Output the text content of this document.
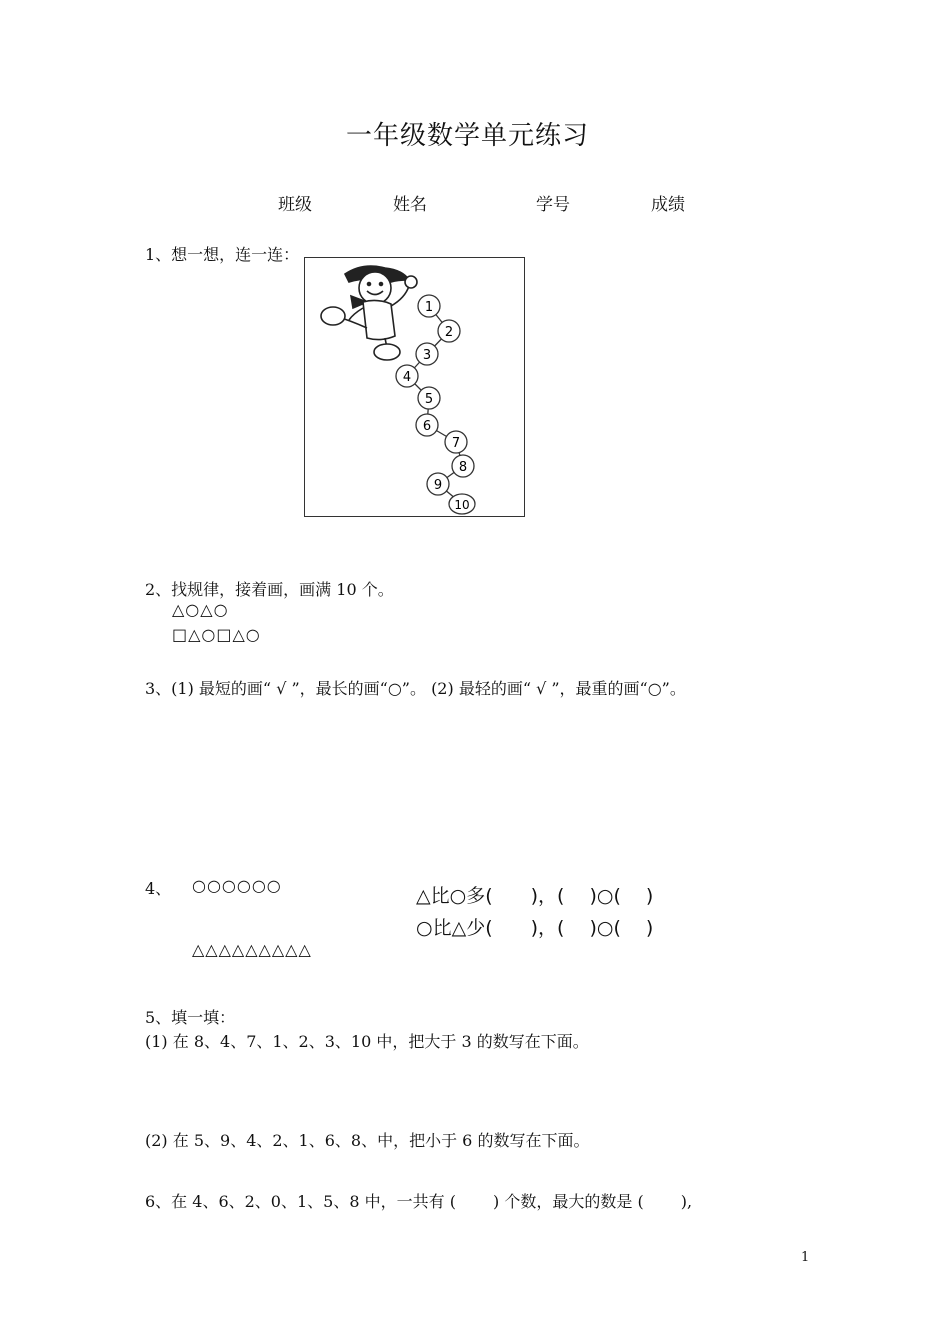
一年级数学单元练习
班级	姓名	学号	成绩
1、想一想，连一连：
1
2
3
4
5
6
7
8
9
10
2、找规律，接着画，画满 10 个。
△○△○
□△○□△○
3、(1) 最短的画“ √ ”，最长的画“○”。 (2) 最轻的画“ √ ”，最重的画“○”。
4、 ○○○○○○
△△△△△△△△△
△比○多(　　)，(　 )○(　 )
○比△少(　　)，(　 )○(　 )
5、填一填：
(1) 在 8、4、7、1、2、3、10 中，把大于 3 的数写在下面。
(2) 在 5、9、4、2、1、6、8、中，把小于 6 的数写在下面。
6、在 4、6、2、0、1、5、8 中，一共有 (　　 ) 个数，最大的数是 (　　 ),
1
